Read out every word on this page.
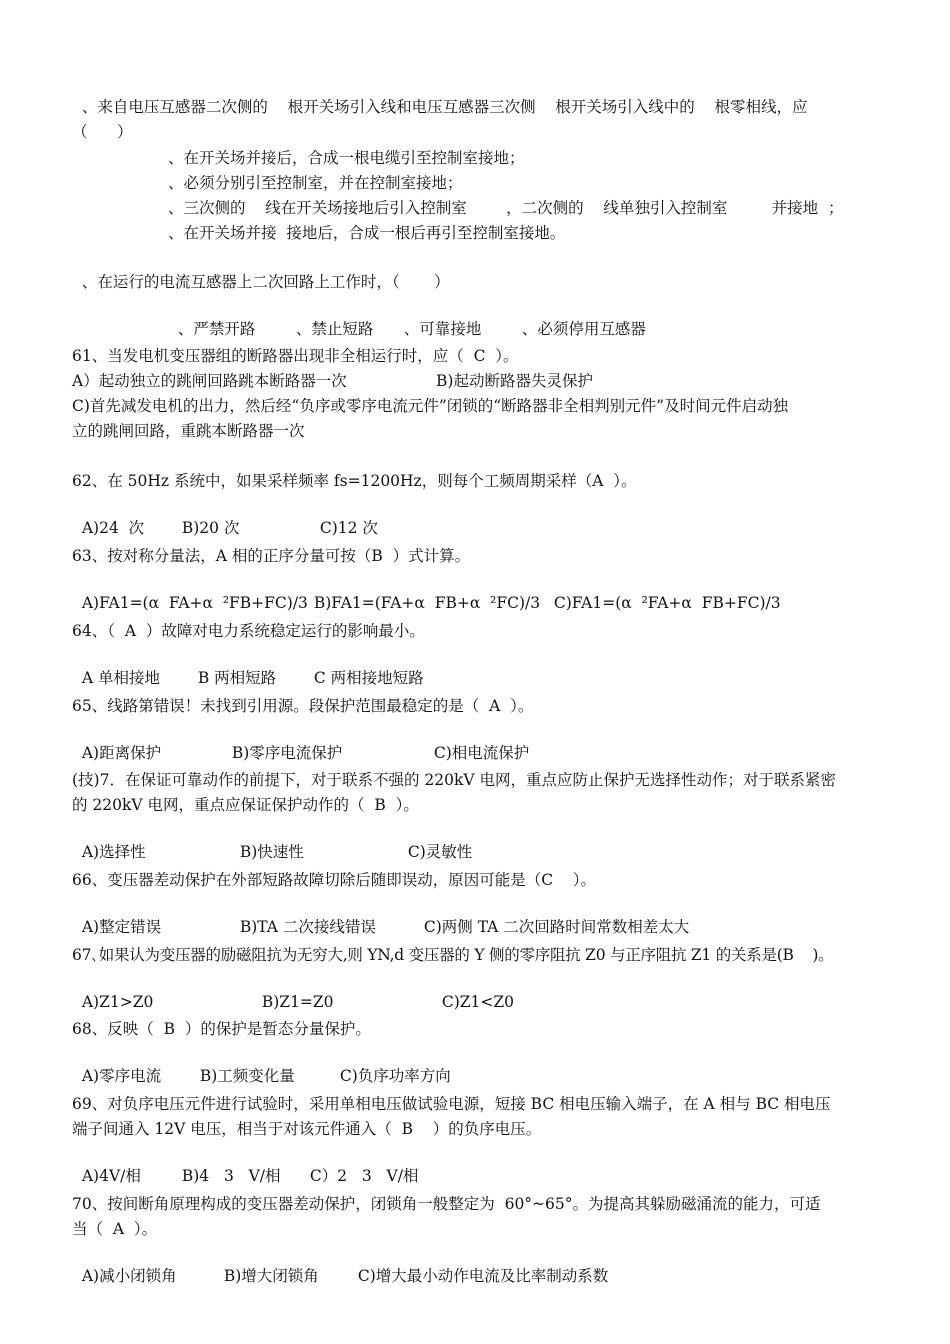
、来自电压互感器二次侧的    根开关场引入线和电压互感器三次侧    根开关场引入线中的    根零相线，应
（      ）
、在开关场并接后，合成一根电缆引至控制室接地；
、必须分别引至控制室，并在控制室接地；
、三次侧的    线在开关场接地后引入控制室        ，二次侧的    线单独引入控制室         并接地  ；
、在开关场并接  接地后，合成一根后再引至控制室接地。
、在运行的电流互感器上二次回路上工作时，（       ）

、严禁开路	、禁止短路 、可靠接地	、必须停用互感器

61、当发电机变压器组的断路器出现非全相运行时，应（  C  ）。
A）起动独立的跳闸回路跳本断路器一次	B)起动断路器失灵保护
C)首先减发电机的出力，然后经“负序或零序电流元件”闭锁的“断路器非全相判别元件”及时间元件启动独
立的跳闸回路，重跳本断路器一次
62、在 50Hz 系统中，如果采样频率 fs=1200Hz，则每个工频周期采样（A  ）。

A)24  次 B)20 次	C)12 次

63、按对称分量法，A 相的正序分量可按（B  ）式计算。

A)FA1=(α  FA+α  ²FB+FC)/3 B)FA1=(FA+α  FB+α  ²FC)/3 C)FA1=(α  ²FA+α  FB+FC)/3

64、（  A  ）故障对电力系统稳定运行的影响最小。

A 单相接地 B 两相短路 C 两相接地短路

65、线路第错误！未找到引用源。段保护范围最稳定的是（  A  ）。

A)距离保护	B)零序电流保护	C)相电流保护

(技)7．在保证可靠动作的前提下，对于联系不强的 220kV 电网，重点应防止保护无选择性动作；对于联系紧密
的 220kV 电网，重点应保证保护动作的（  B  ）。

A)选择性	B)快速性	C)灵敏性

66、变压器差动保护在外部短路故障切除后随即误动，原因可能是（C    ）。

A)整定错误	B)TA 二次接线错误	C)两侧 TA 二次回路时间常数相差太大

67､如果认为变压器的励磁阻抗为无穷大,则 YN,d 变压器的 Y 侧的零序阻抗 Z0 与正序阻抗 Z1 的关系是(B    )。

A)Z1>Z0	B)Z1=Z0	C)Z1<Z0

68、反映（  B  ）的保护是暂态分量保护。

A)零序电流	B)工频变化量	C)负序功率方向

69、对负序电压元件进行试验时，采用单相电压做试验电源，短接 BC 相电压输入端子，在 A 相与 BC 相电压
端子间通入 12V 电压，相当于对该元件通入（  B    ）的负序电压。

A)4V/相	B)4   3   V/相 C）2   3   V/相

70、按间断角原理构成的变压器差动保护，闭锁角一般整定为  60°~65°。为提高其躲励磁涌流的能力，可适
当（  A  ）。

A)减小闭锁角	B)增大闭锁角	C)增大最小动作电流及比率制动系数
